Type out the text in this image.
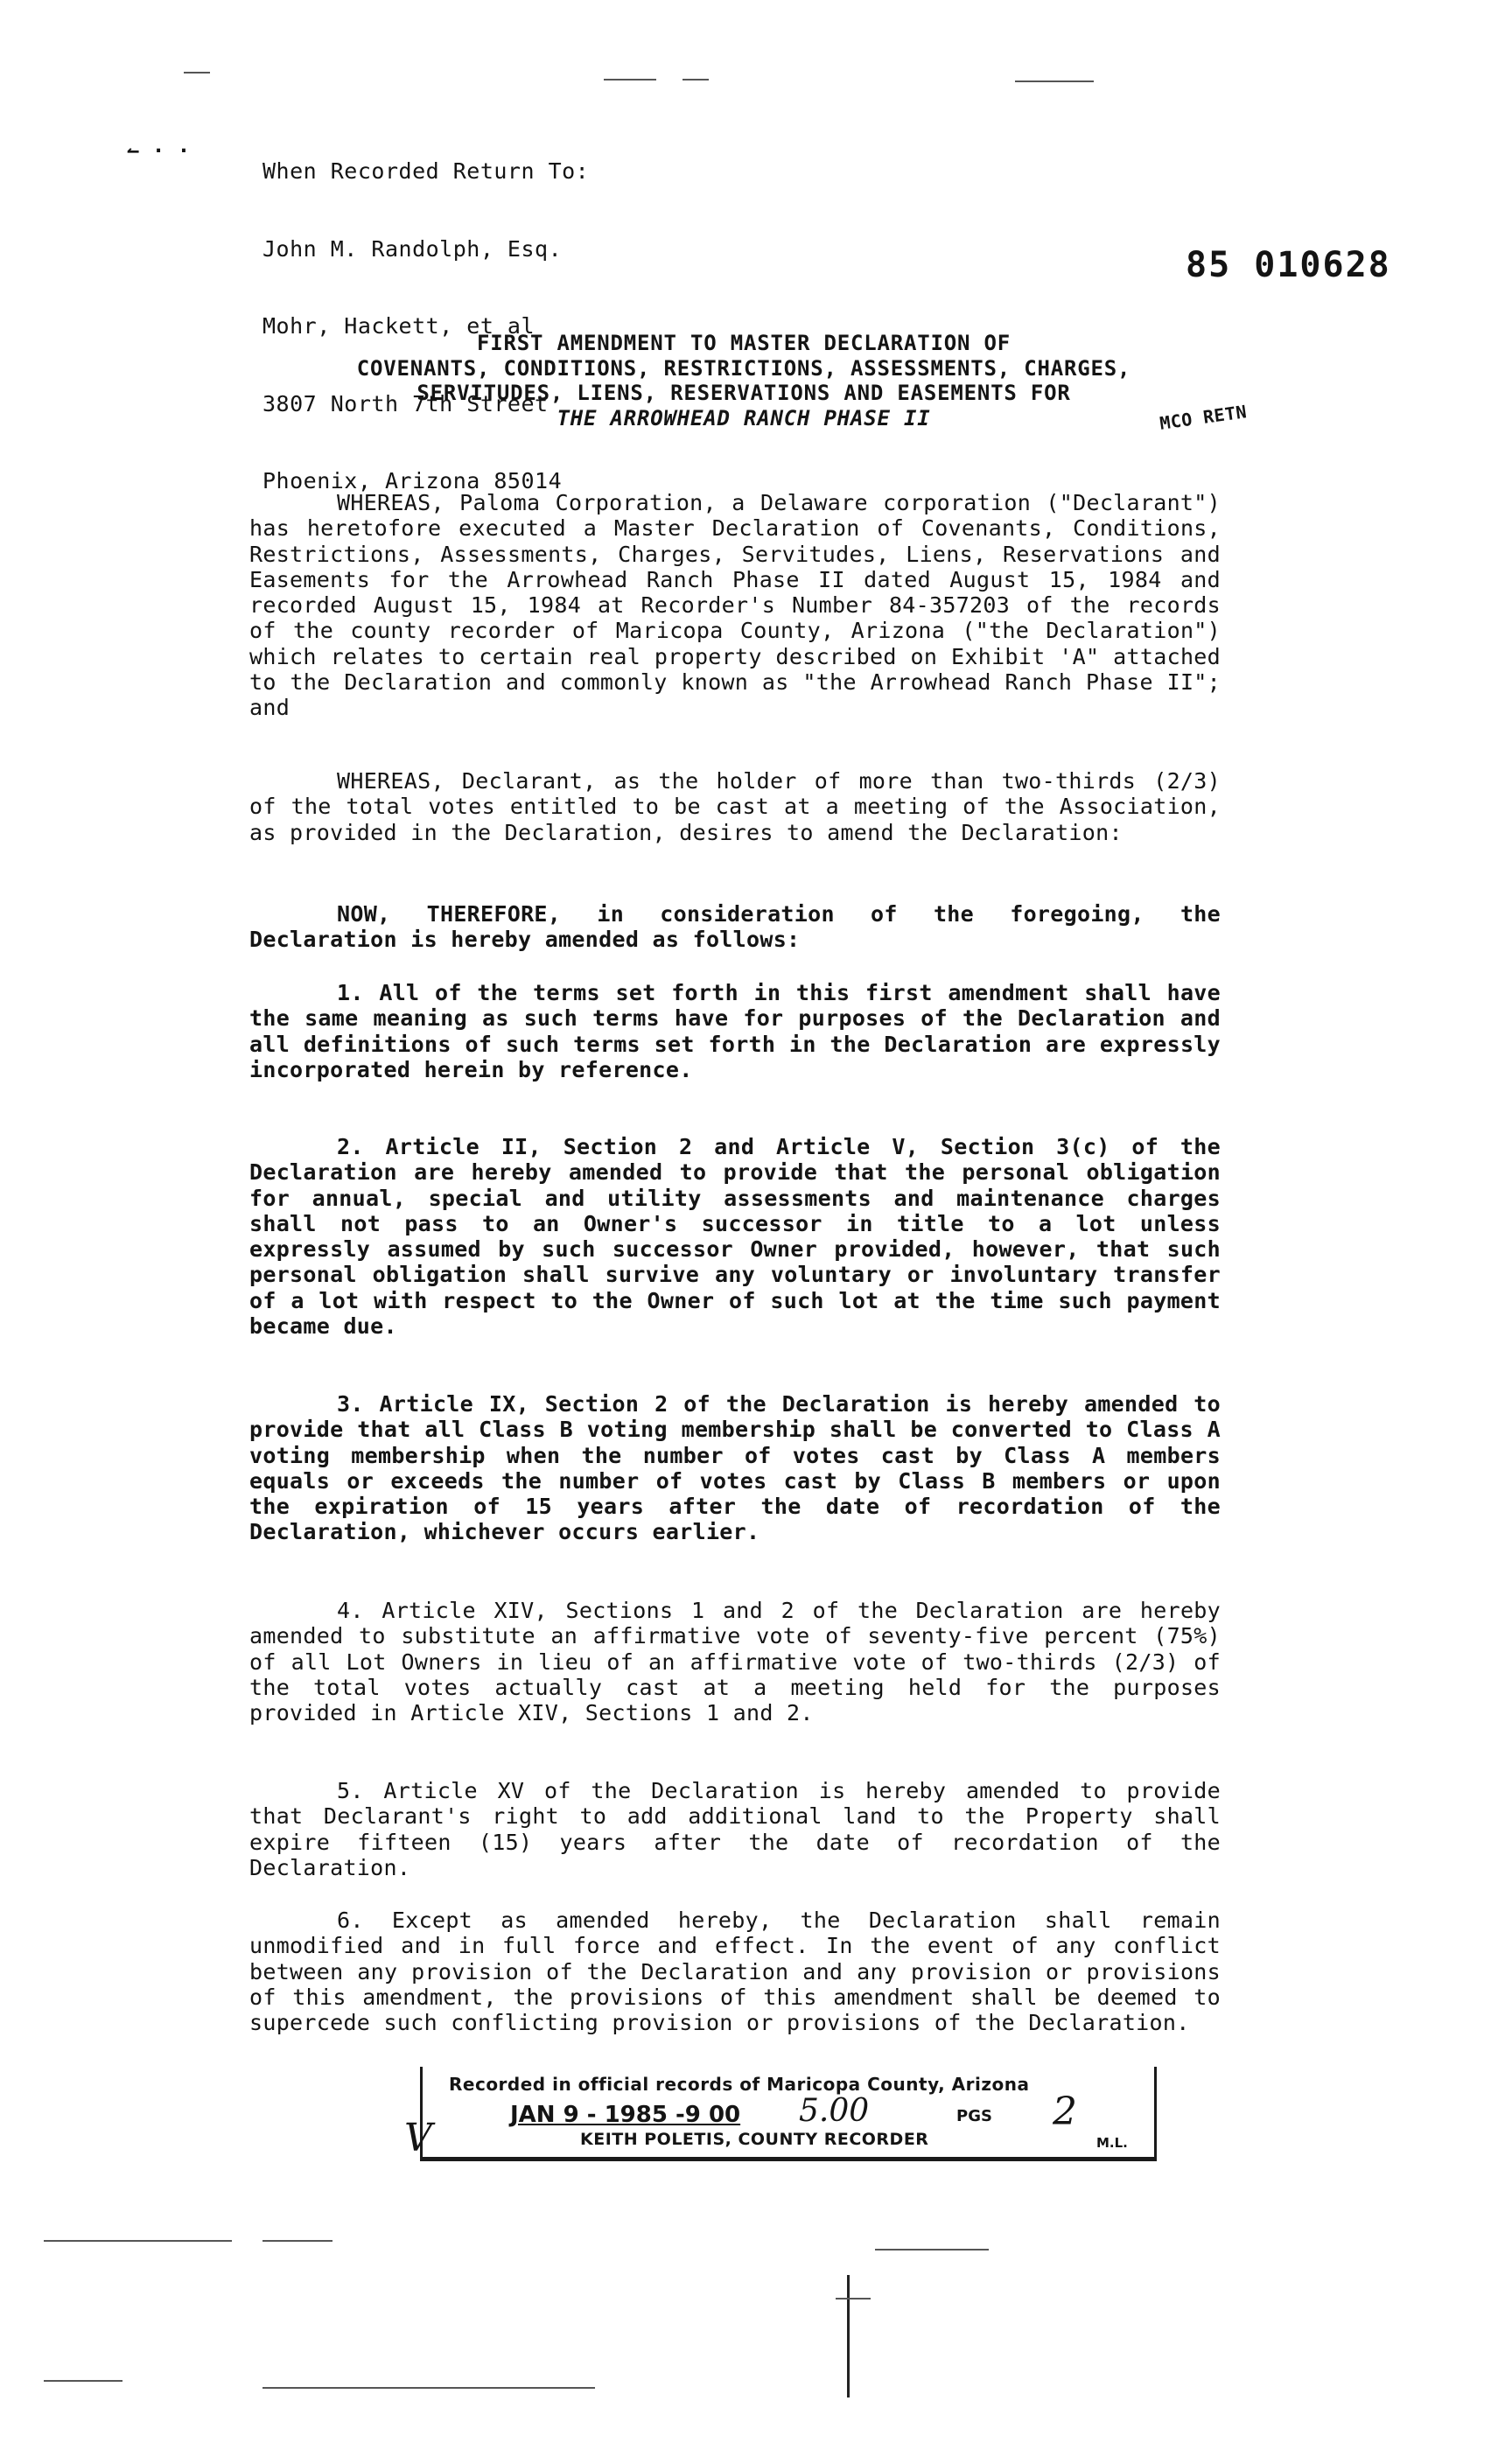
↼ · ·

When Recorded Return To:

John M. Randolph, Esq.

Mohr, Hackett, et al

3807 North 7th Street

Phoenix, Arizona 85014

85 010628
FIRST AMENDMENT TO MASTER DECLARATION OF
COVENANTS, CONDITIONS, RESTRICTIONS, ASSESSMENTS, CHARGES,
SERVITUDES, LIENS, RESERVATIONS AND EASEMENTS FOR
THE ARROWHEAD RANCH PHASE II	MCO RETN
WHEREAS, Paloma Corporation, a Delaware corporation ("Declarant") has heretofore executed a Master Declaration of Covenants, Conditions, Restrictions, Assessments, Charges, Servitudes, Liens, Reservations and Easements for the Arrowhead Ranch Phase II dated August 15, 1984 and recorded August 15, 1984 at Recorder's Number 84-357203 of the records of the county recorder of Maricopa County, Arizona ("the Declaration") which relates to certain real property described on Exhibit 'A" attached to the Declaration and commonly known as "the Arrowhead Ranch Phase II"; and
WHEREAS, Declarant, as the holder of more than two-thirds (2/3) of the total votes entitled to be cast at a meeting of the Association, as provided in the Declaration, desires to amend the Declaration:
NOW, THEREFORE, in consideration of the foregoing, the Declaration is hereby amended as follows:
1. All of the terms set forth in this first amendment shall have the same meaning as such terms have for purposes of the Declaration and all definitions of such terms set forth in the Declaration are expressly incorporated herein by reference.
2. Article II, Section 2 and Article V, Section 3(c) of the Declaration are hereby amended to provide that the personal obligation for annual, special and utility assessments and maintenance charges shall not pass to an Owner's successor in title to a lot unless expressly assumed by such successor Owner provided, however, that such personal obligation shall survive any voluntary or involuntary transfer of a lot with respect to the Owner of such lot at the time such payment became due.
3. Article IX, Section 2 of the Declaration is hereby amended to provide that all Class B voting membership shall be converted to Class A voting membership when the number of votes cast by Class A members equals or exceeds the number of votes cast by Class B members or upon the expiration of 15 years after the date of recordation of the Declaration, whichever occurs earlier.
4. Article XIV, Sections 1 and 2 of the Declaration are hereby amended to substitute an affirmative vote of seventy-five percent (75%) of all Lot Owners in lieu of an affirmative vote of two-thirds (2/3) of the total votes actually cast at a meeting held for the purposes provided in Article XIV, Sections 1 and 2.
5. Article XV of the Declaration is hereby amended to provide that Declarant's right to add additional land to the Property shall expire fifteen (15) years after the date of recordation of the Declaration.
6. Except as amended hereby, the Declaration shall remain unmodified and in full force and effect. In the event of any conflict between any provision of the Declaration and any provision or provisions of this amendment, the provisions of this amendment shall be deemed to supercede such conflicting provision or provisions of the Declaration.
Recorded in official records of Maricopa County, Arizona
JAN 9 - 1985 -9 00 5.00	PGS 2
KEITH POLETIS, COUNTY RECORDER	M.L.
V
